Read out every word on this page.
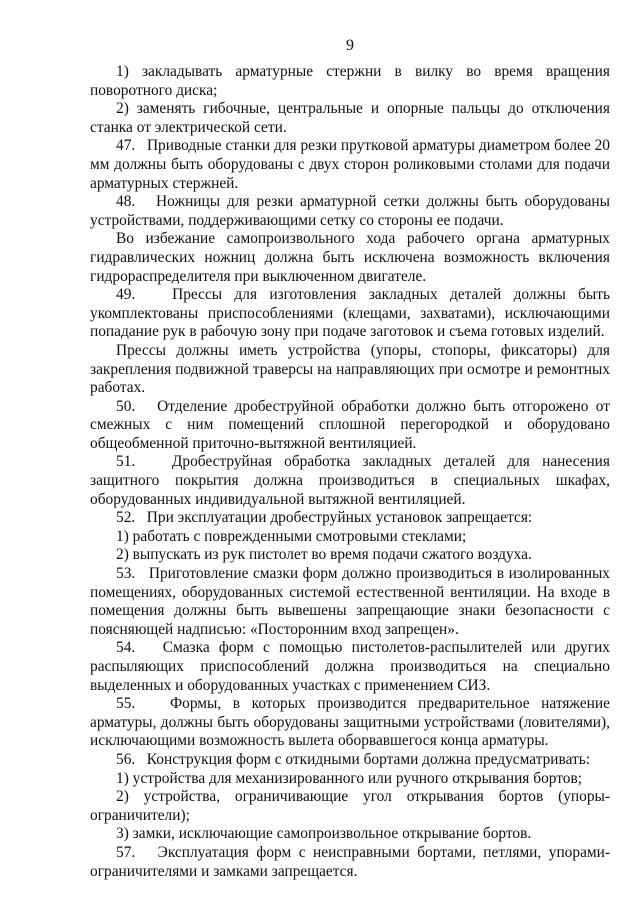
9

1) закладывать арматурные стержни в вилку во время вращения поворотного диска;

2) заменять гибочные, центральные и опорные пальцы до отключения станка от электрической сети.

47.   Приводные станки для резки прутковой арматуры диаметром более 20 мм должны быть оборудованы с двух сторон роликовыми столами для подачи арматурных стержней.

48.   Ножницы для резки арматурной сетки должны быть оборудованы устройствами, поддерживающими сетку со стороны ее подачи.

Во избежание самопроизвольного хода рабочего органа арматурных гидравлических ножниц должна быть исключена возможность включения гидрораспределителя при выключенном двигателе.

49.   Прессы для изготовления закладных деталей должны быть укомплектованы приспособлениями (клещами, захватами), исключающими попадание рук в рабочую зону при подаче заготовок и съема готовых изделий.

Прессы должны иметь устройства (упоры, стопоры, фиксаторы) для закрепления подвижной траверсы на направляющих при осмотре и ремонтных работах.

50.   Отделение дробеструйной обработки должно быть отгорожено от смежных с ним помещений сплошной перегородкой и оборудовано общеобменной приточно-вытяжной вентиляцией.

51.   Дробеструйная обработка закладных деталей для нанесения защитного покрытия должна производиться в специальных шкафах, оборудованных индивидуальной вытяжной вентиляцией.

52.   При эксплуатации дробеструйных установок запрещается:

1) работать с поврежденными смотровыми стеклами;

2) выпускать из рук пистолет во время подачи сжатого воздуха.

53.   Приготовление смазки форм должно производиться в изолированных помещениях, оборудованных системой естественной вентиляции. На входе в помещения должны быть вывешены запрещающие знаки безопасности с поясняющей надписью: «Посторонним вход запрещен».

54.   Смазка форм с помощью пистолетов-распылителей или других распыляющих приспособлений должна производиться на специально выделенных и оборудованных участках с применением СИЗ.

55.   Формы, в которых производится предварительное натяжение арматуры, должны быть оборудованы защитными устройствами (ловителями), исключающими возможность вылета оборвавшегося конца арматуры.

56.   Конструкция форм с откидными бортами должна предусматривать:

1) устройства для механизированного или ручного открывания бортов;

2) устройства, ограничивающие угол открывания бортов (упоры-ограничители);

3) замки, исключающие самопроизвольное открывание бортов.

57.   Эксплуатация форм с неисправными бортами, петлями, упорами-ограничителями и замками запрещается.
